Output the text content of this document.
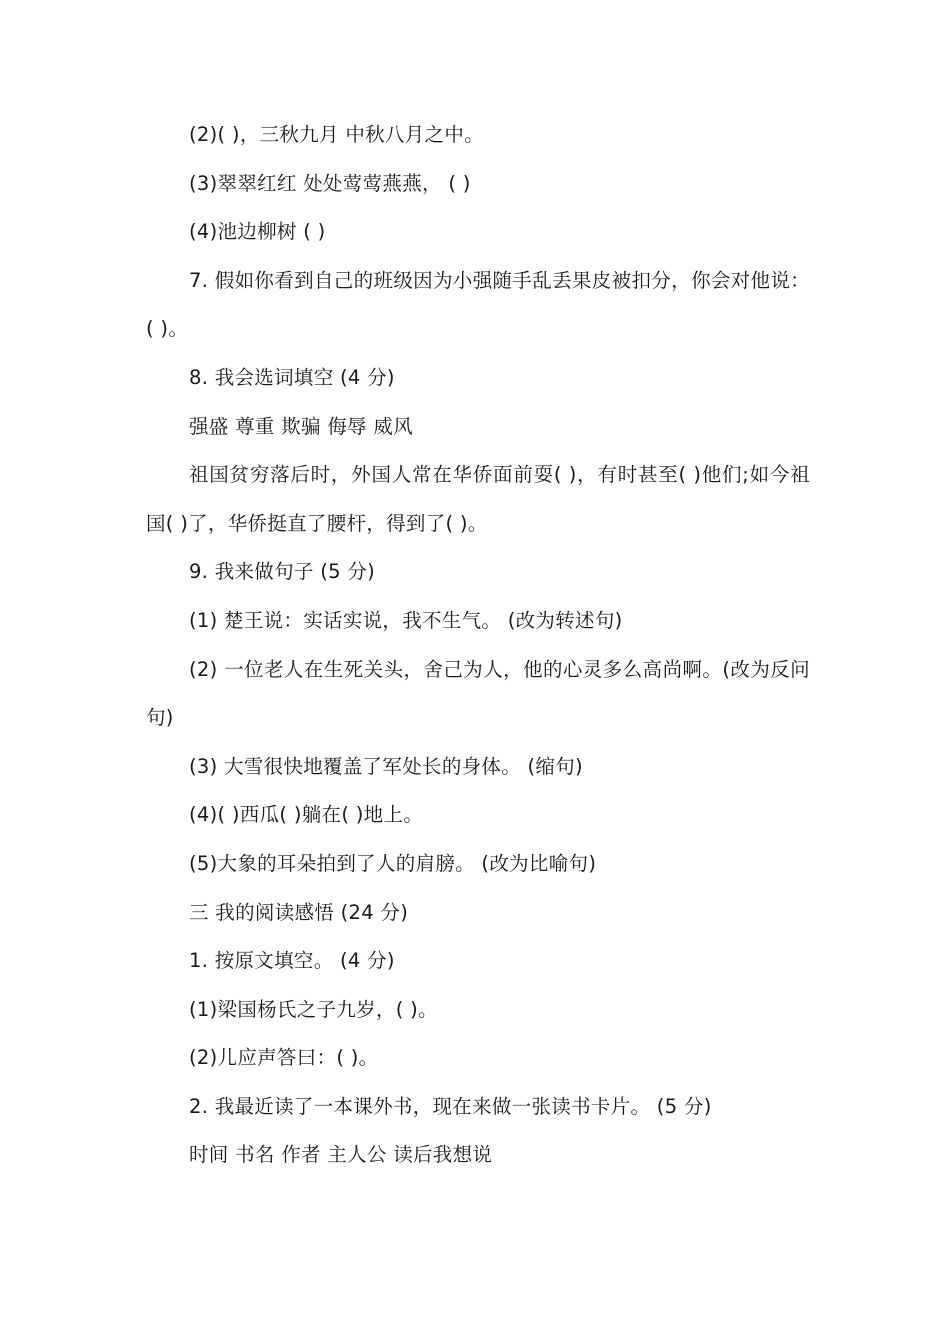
(2)( )，三秋九月 中秋八月之中。

(3)翠翠红红 处处莺莺燕燕， ( )

(4)池边柳树 ( )

7. 假如你看到自己的班级因为小强随手乱丢果皮被扣分，你会对他说：( )。

8. 我会选词填空 (4 分)

强盛 尊重 欺骗 侮辱 威风

祖国贫穷落后时，外国人常在华侨面前耍( )，有时甚至( )他们;如今祖国( )了，华侨挺直了腰杆，得到了( )。

9. 我来做句子 (5 分)

(1) 楚王说：实话实说，我不生气。 (改为转述句)

(2) 一位老人在生死关头，舍己为人，他的心灵多么高尚啊。(改为反问句)

(3) 大雪很快地覆盖了军处长的身体。 (缩句)

(4)( )西瓜( )躺在( )地上。

(5)大象的耳朵拍到了人的肩膀。 (改为比喻句)

三 我的阅读感悟 (24 分)

1. 按原文填空。 (4 分)

(1)梁国杨氏之子九岁，( )。

(2)儿应声答曰：( )。

2. 我最近读了一本课外书，现在来做一张读书卡片。 (5 分)

时间 书名 作者 主人公 读后我想说
